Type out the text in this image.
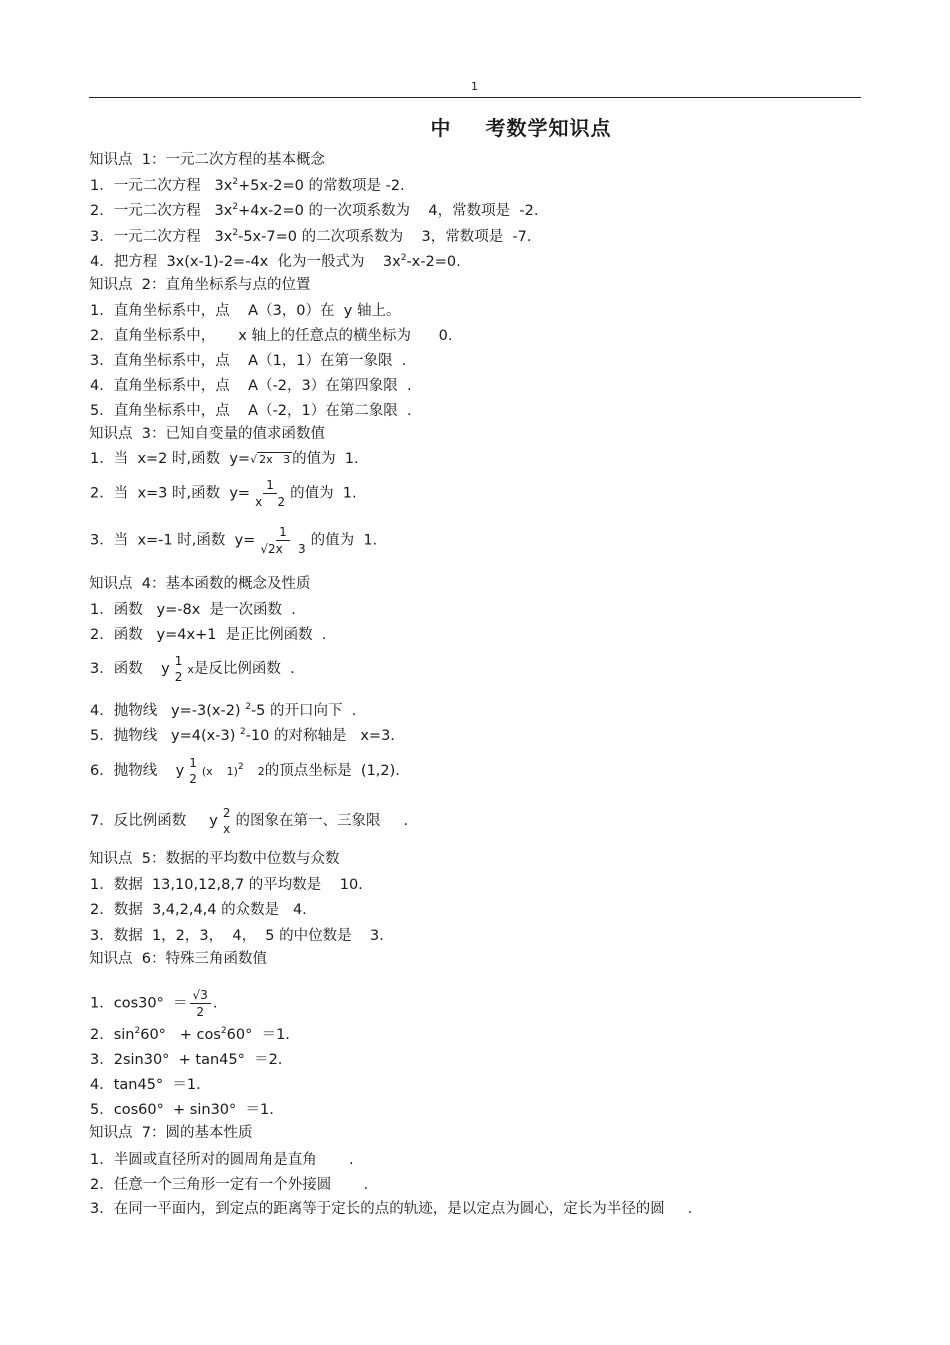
1
中 考数学知识点
知识点  1：一元二次方程的基本概念
1．一元二次方程   $3x^2+5x-2=0$ 的常数项是 -2.
2．一元二次方程   $3x^2+4x-2=0$ 的一次项系数为    4，常数项是  -2.
3．一元二次方程   $3x^2-5x-7=0$ 的二次项系数为    3，常数项是  -7.
4．把方程  3x(x-1)-2=-4x  化为一般式为    $3x^2-x-2=0$.
知识点  2：直角坐标系与点的位置
1．直角坐标系中，点    A（3，0）在  y 轴上。
2．直角坐标系中，     x 轴上的任意点的横坐标为      0.
3．直角坐标系中，点    A（1，1）在第一象限  .
4．直角坐标系中，点    A（-2，3）在第四象限  .
5．直角坐标系中，点    A（-2，1）在第二象限  .
知识点  3：已知自变量的值求函数值
1．当  x=2 时,函数  y=√ 2x   3 的值为  1.
2．当  x=3 时,函数  $y= \frac{1}{x 2}$ 的值为  1.
3．当  x=-1 时,函数  $y= \frac{1}{√2x 3}$ 的值为  1.
知识点  4：基本函数的概念及性质
1．函数   y=-8x  是一次函数  .
2．函数   y=4x+1  是正比例函数  .
3．函数    y 1
2
x是反比例函数  .
4．抛物线   y=-3(x-2) $^2$-5 的开口向下  .
5．抛物线   y=4(x-3) $^2$-10 的对称轴是   x=3.
6．抛物线    y 1
2
(x    1)$^2$    2的顶点坐标是  (1,2).
7．反比例函数     y 2
x 的图象在第一、三象限     .
知识点  5：数据的平均数中位数与众数
1．数据  13,10,12,8,7 的平均数是    10.
2．数据  3,4,2,4,4 的众数是   4.
3．数据  1，2，3，  4，  5 的中位数是    3.
知识点  6：特殊三角函数值
1．$\cos 30^\circ = \frac{√3}{2}$ .
2．$\sin^260^\circ + \cos^260^\circ =1$.
3．2sin30°  + tan45°  ＝2.
4．tan45°  ＝1.
5．cos60°  + sin30°  ＝1.
知识点  7：圆的基本性质
1．半圆或直径所对的圆周角是直角       .
2．任意一个三角形一定有一个外接圆       .
3．在同一平面内，到定点的距离等于定长的点的轨迹，是以定点为圆心，定长为半径的圆     .
